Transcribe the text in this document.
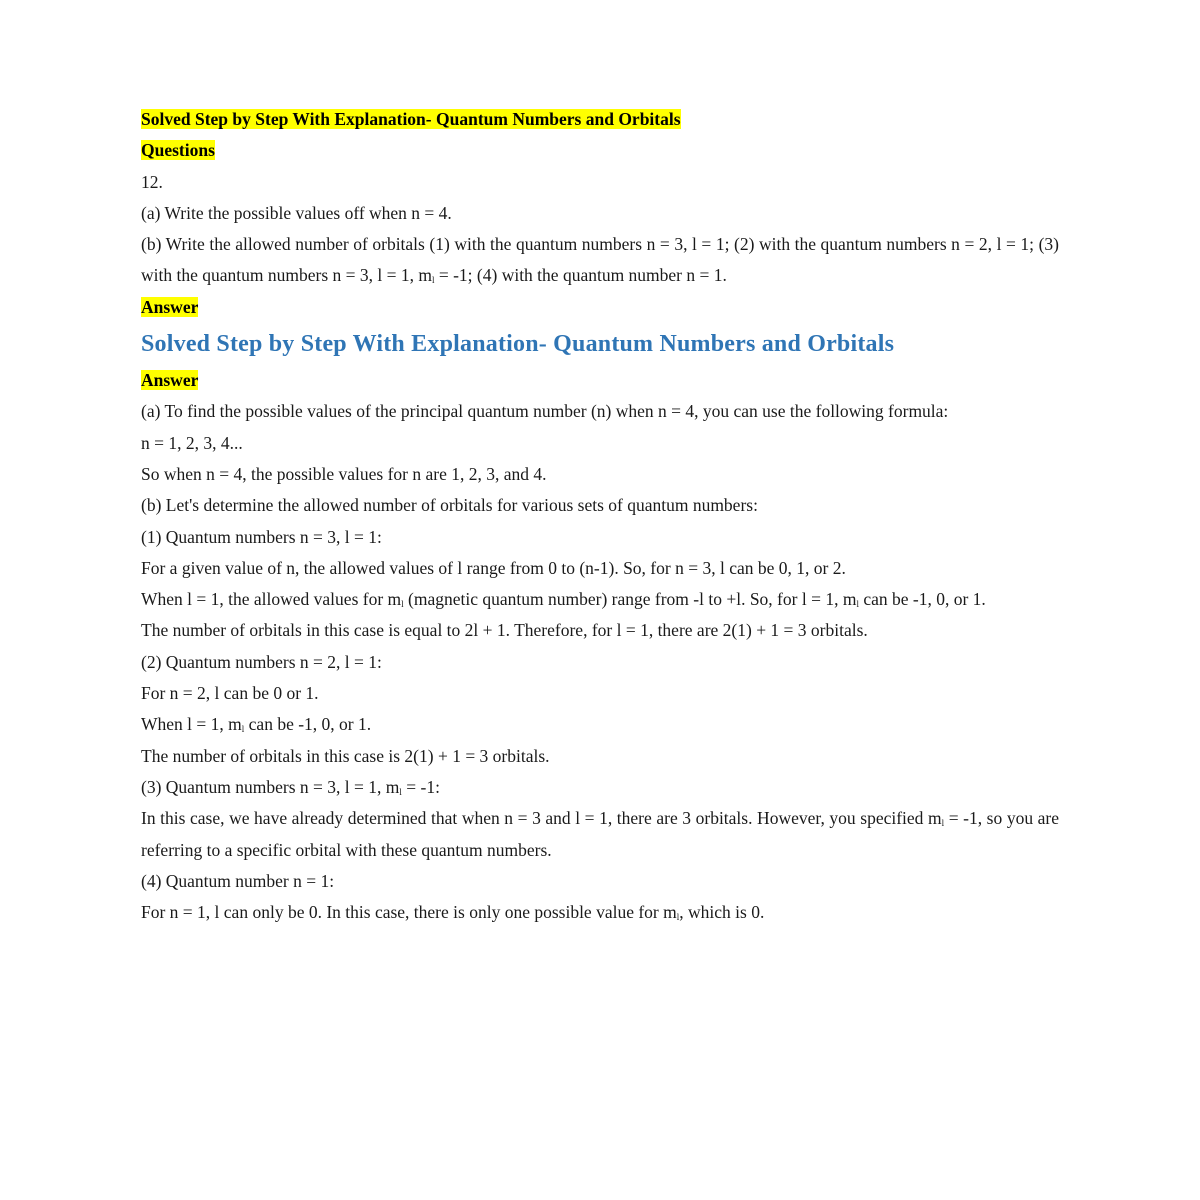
Solved Step by Step With Explanation- Quantum Numbers and Orbitals

Questions

12.

(a) Write the possible values off when n = 4.

(b) Write the allowed number of orbitals (1) with the quantum numbers n = 3, l = 1; (2) with the quantum numbers n = 2, l = 1; (3) with the quantum numbers n = 3, l = 1, $m_l = -1$; (4) with the quantum number n = 1.

Answer

Solved Step by Step With Explanation- Quantum Numbers and Orbitals

Answer

(a) To find the possible values of the principal quantum number (n) when n = 4, you can use the following formula:

n = 1, 2, 3, 4...

So when n = 4, the possible values for n are 1, 2, 3, and 4.

(b) Let's determine the allowed number of orbitals for various sets of quantum numbers:

(1) Quantum numbers n = 3, l = 1:

For a given value of n, the allowed values of l range from 0 to (n-1). So, for n = 3, l can be 0, 1, or 2.

When l = 1, the allowed values for $m_l$ (magnetic quantum number) range from -l to +l. So, for l = 1, $m_l$ can be -1, 0, or 1.

The number of orbitals in this case is equal to 2l + 1. Therefore, for l = 1, there are 2(1) + 1 = 3 orbitals.

(2) Quantum numbers n = 2, l = 1:

For n = 2, l can be 0 or 1.

When l = 1, $m_l$ can be -1, 0, or 1.

The number of orbitals in this case is 2(1) + 1 = 3 orbitals.

(3) Quantum numbers n = 3, l = 1, $m_l = -1$:

In this case, we have already determined that when n = 3 and l = 1, there are 3 orbitals. However, you specified $m_l = -1$, so you are referring to a specific orbital with these quantum numbers.

(4) Quantum number n = 1:

For n = 1, l can only be 0. In this case, there is only one possible value for $m_l$, which is 0.
